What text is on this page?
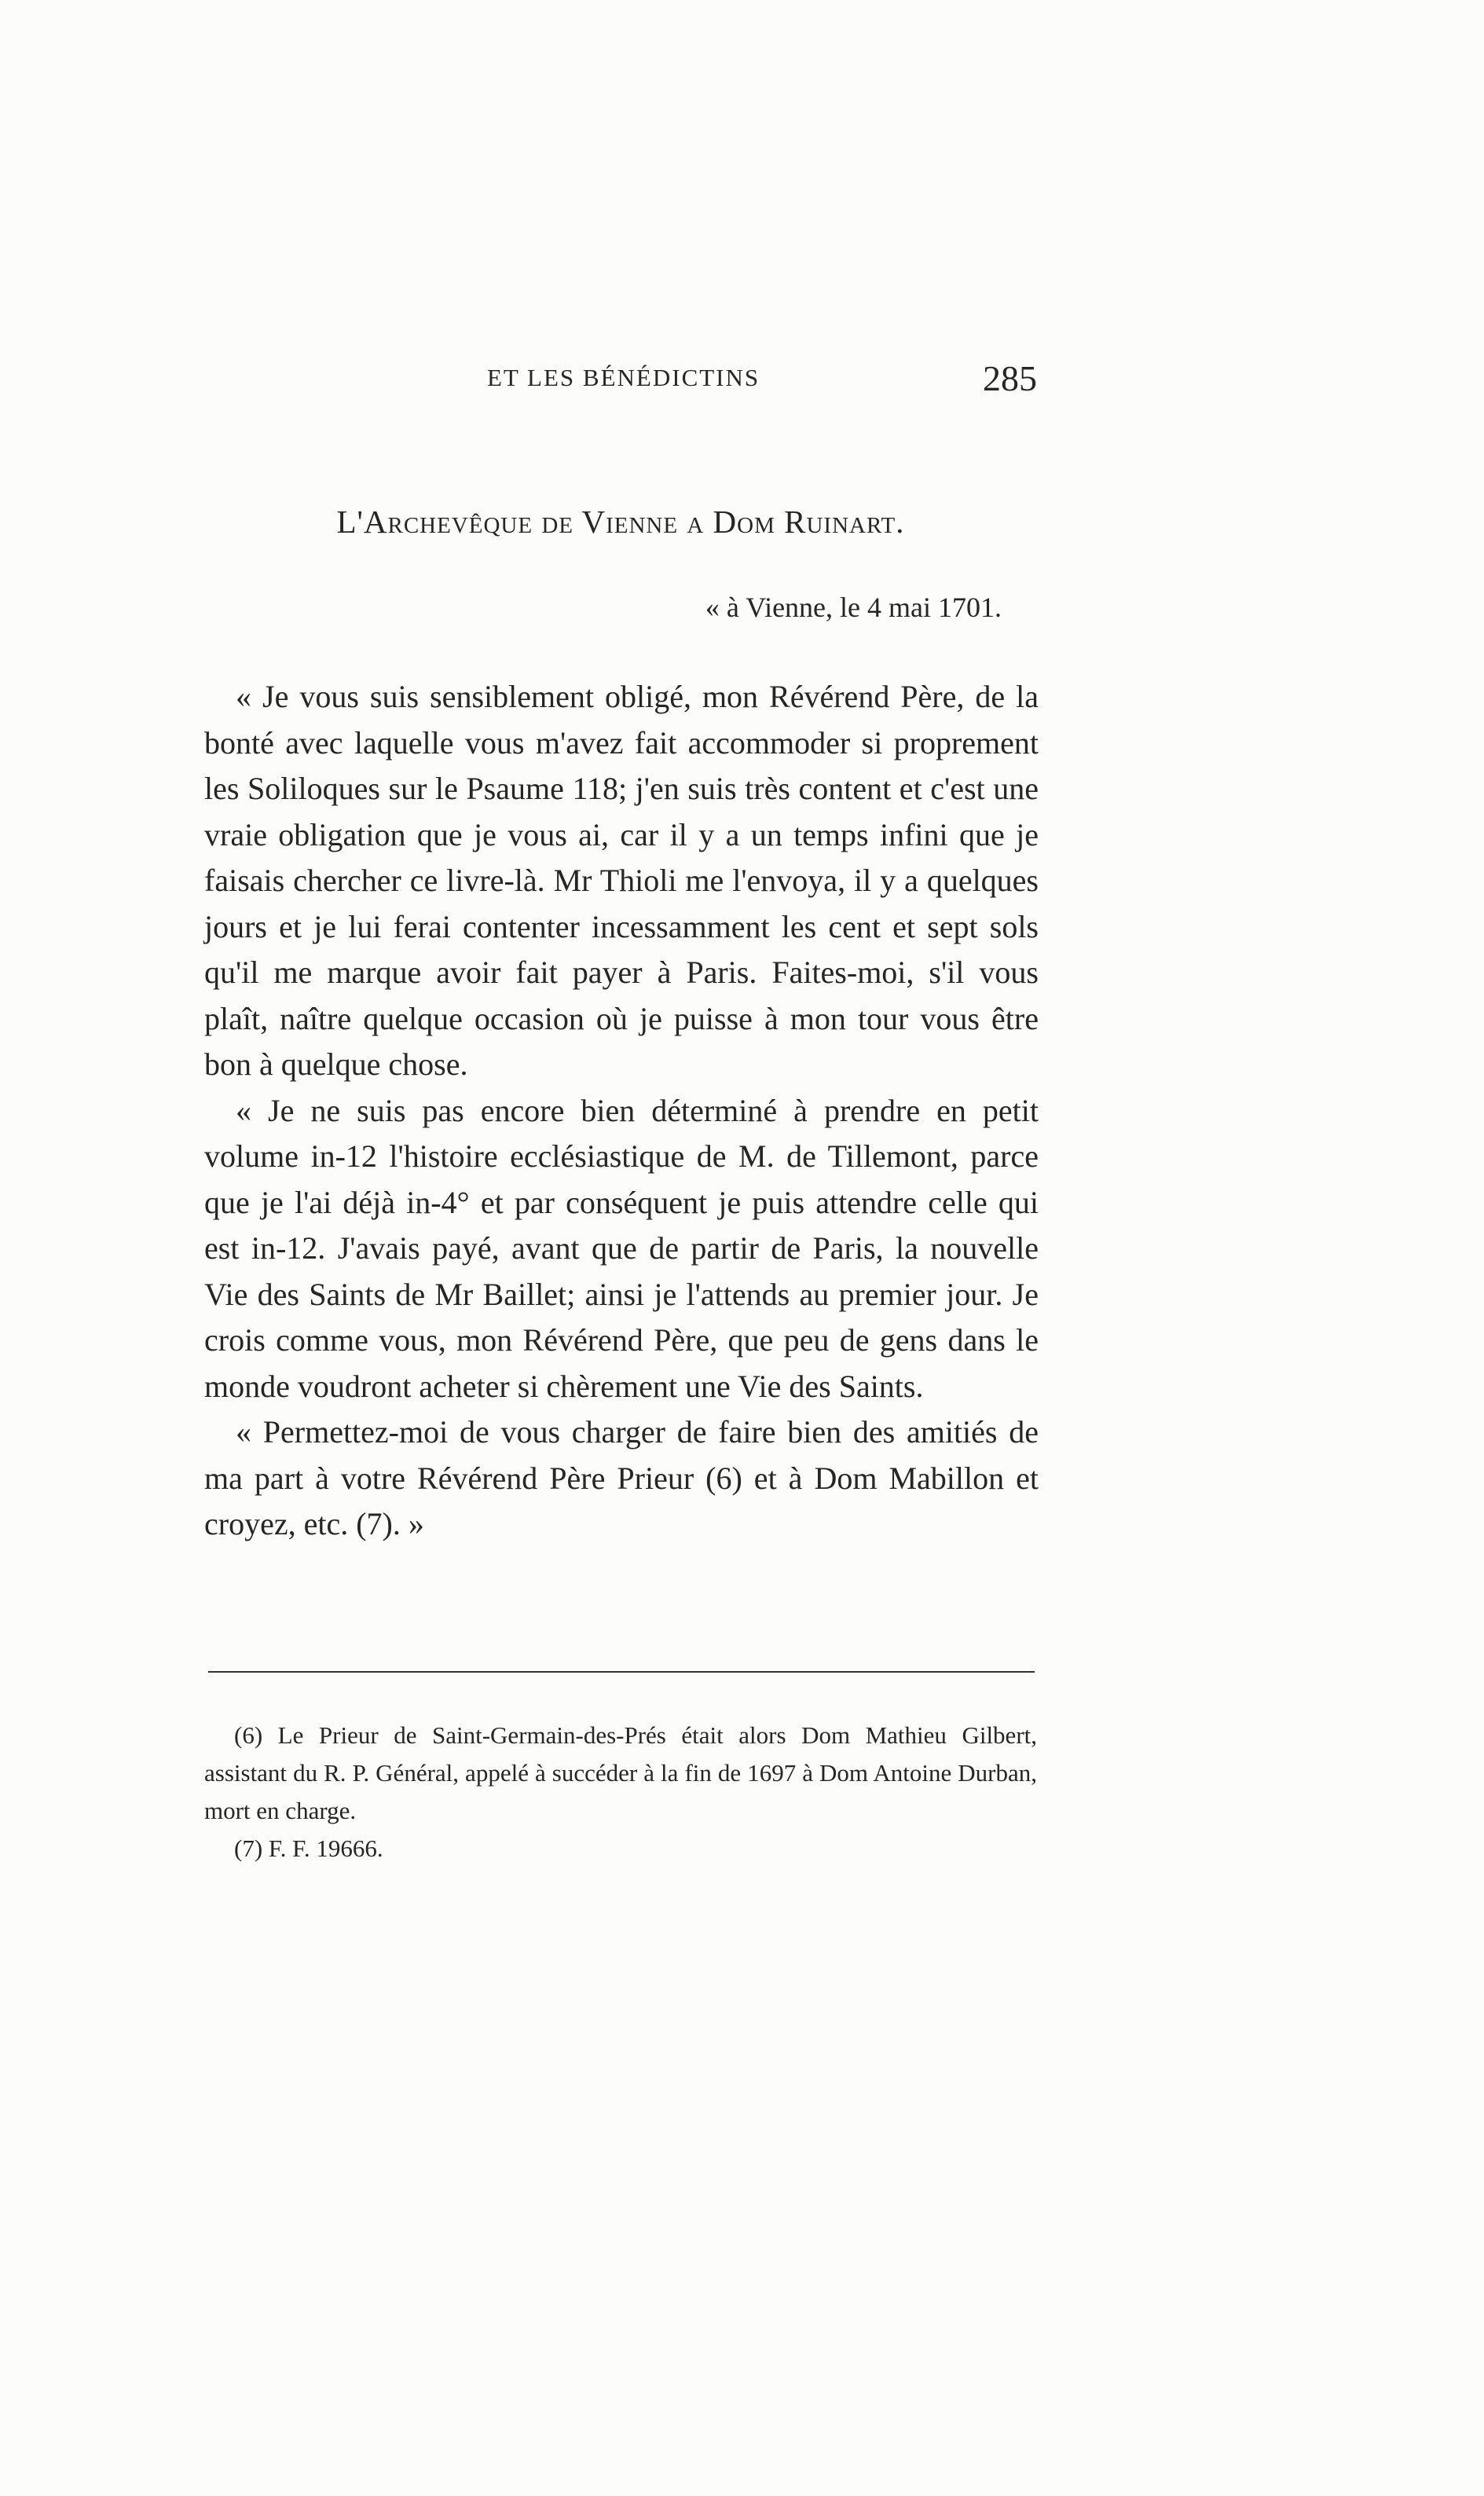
ET LES BÉNÉDICTINS	285
L'Archevêque de Vienne a Dom Ruinart.
« à Vienne, le 4 mai 1701.

« Je vous suis sensiblement obligé, mon Révérend Père, de la bonté avec laquelle vous m'avez fait accommoder si proprement les Soliloques sur le Psaume 118; j'en suis très content et c'est une vraie obligation que je vous ai, car il y a un temps infini que je faisais chercher ce livre-là. Mr Thioli me l'envoya, il y a quelques jours et je lui ferai contenter incessamment les cent et sept sols qu'il me marque avoir fait payer à Paris. Faites-moi, s'il vous plaît, naître quelque occasion où je puisse à mon tour vous être bon à quelque chose.

« Je ne suis pas encore bien déterminé à prendre en petit volume in-12 l'histoire ecclésiastique de M. de Tillemont, parce que je l'ai déjà in-4° et par conséquent je puis attendre celle qui est in-12. J'avais payé, avant que de partir de Paris, la nouvelle Vie des Saints de Mr Baillet; ainsi je l'attends au premier jour. Je crois comme vous, mon Révérend Père, que peu de gens dans le monde voudront acheter si chèrement une Vie des Saints.

« Permettez-moi de vous charger de faire bien des amitiés de ma part à votre Révérend Père Prieur (6) et à Dom Mabillon et croyez, etc. (7). »

(6) Le Prieur de Saint-Germain-des-Prés était alors Dom Mathieu Gilbert, assistant du R. P. Général, appelé à succéder à la fin de 1697 à Dom Antoine Durban, mort en charge.

(7) F. F. 19666.
